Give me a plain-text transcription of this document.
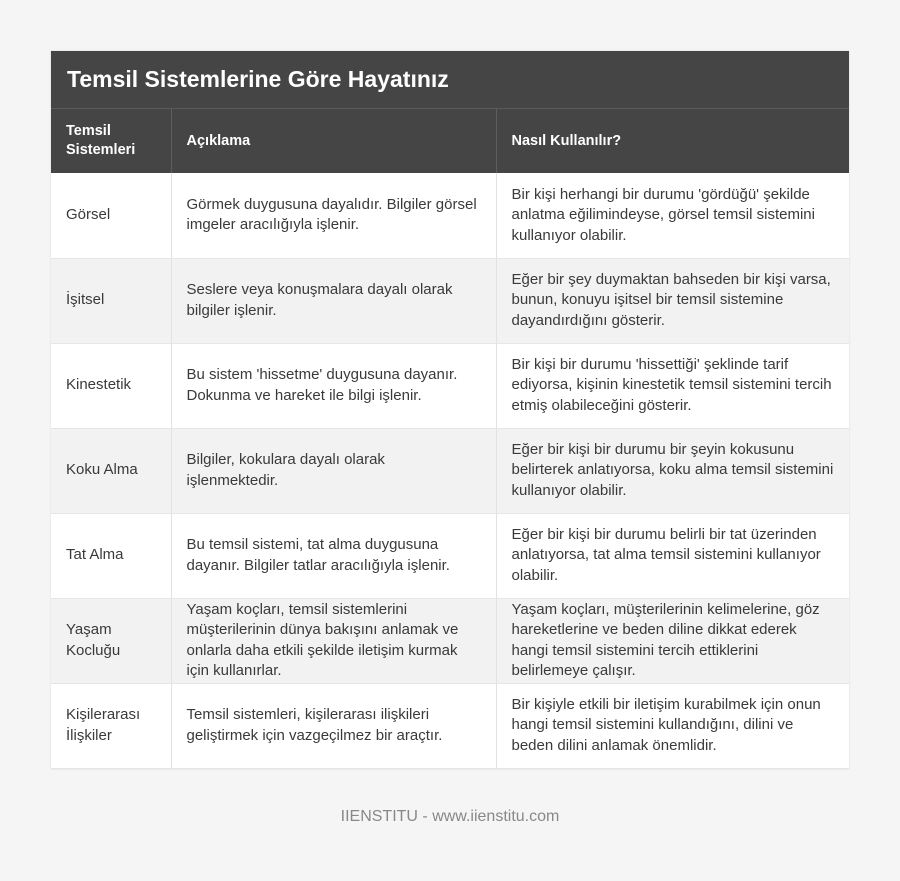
Temsil Sistemlerine Göre Hayatınız
Temsil Sistemleri	Açıklama	Nasıl Kullanılır?
Görsel	Görmek duygusuna dayalıdır. Bilgiler görsel imgeler aracılığıyla işlenir.	Bir kişi herhangi bir durumu 'gördüğü' şekilde anlatma eğilimindeyse, görsel temsil sistemini kullanıyor olabilir.
İşitsel	Seslere veya konuşmalara dayalı olarak bilgiler işlenir.	Eğer bir şey duymaktan bahseden bir kişi varsa, bunun, konuyu işitsel bir temsil sistemine dayandırdığını gösterir.
Kinestetik	Bu sistem 'hissetme' duygusuna dayanır. Dokunma ve hareket ile bilgi işlenir.	Bir kişi bir durumu 'hissettiği' şeklinde tarif ediyorsa, kişinin kinestetik temsil sistemini tercih etmiş olabileceğini gösterir.
Koku Alma	Bilgiler, kokulara dayalı olarak işlenmektedir.	Eğer bir kişi bir durumu bir şeyin kokusunu belirterek anlatıyorsa, koku alma temsil sistemini kullanıyor olabilir.
Tat Alma	Bu temsil sistemi, tat alma duygusuna dayanır. Bilgiler tatlar aracılığıyla işlenir.	Eğer bir kişi bir durumu belirli bir tat üzerinden anlatıyorsa, tat alma temsil sistemini kullanıyor olabilir.
Yaşam Kocluğu	Yaşam koçları, temsil sistemlerini müşterilerinin dünya bakışını anlamak ve onlarla daha etkili şekilde iletişim kurmak için kullanırlar.	Yaşam koçları, müşterilerinin kelimelerine, göz hareketlerine ve beden diline dikkat ederek hangi temsil sistemini tercih ettiklerini belirlemeye çalışır.
Kişilerarası İlişkiler	Temsil sistemleri, kişilerarası ilişkileri geliştirmek için vazgeçilmez bir araçtır.	Bir kişiyle etkili bir iletişim kurabilmek için onun hangi temsil sistemini kullandığını, dilini ve beden dilini anlamak önemlidir.
IIENSTITU - www.iienstitu.com
